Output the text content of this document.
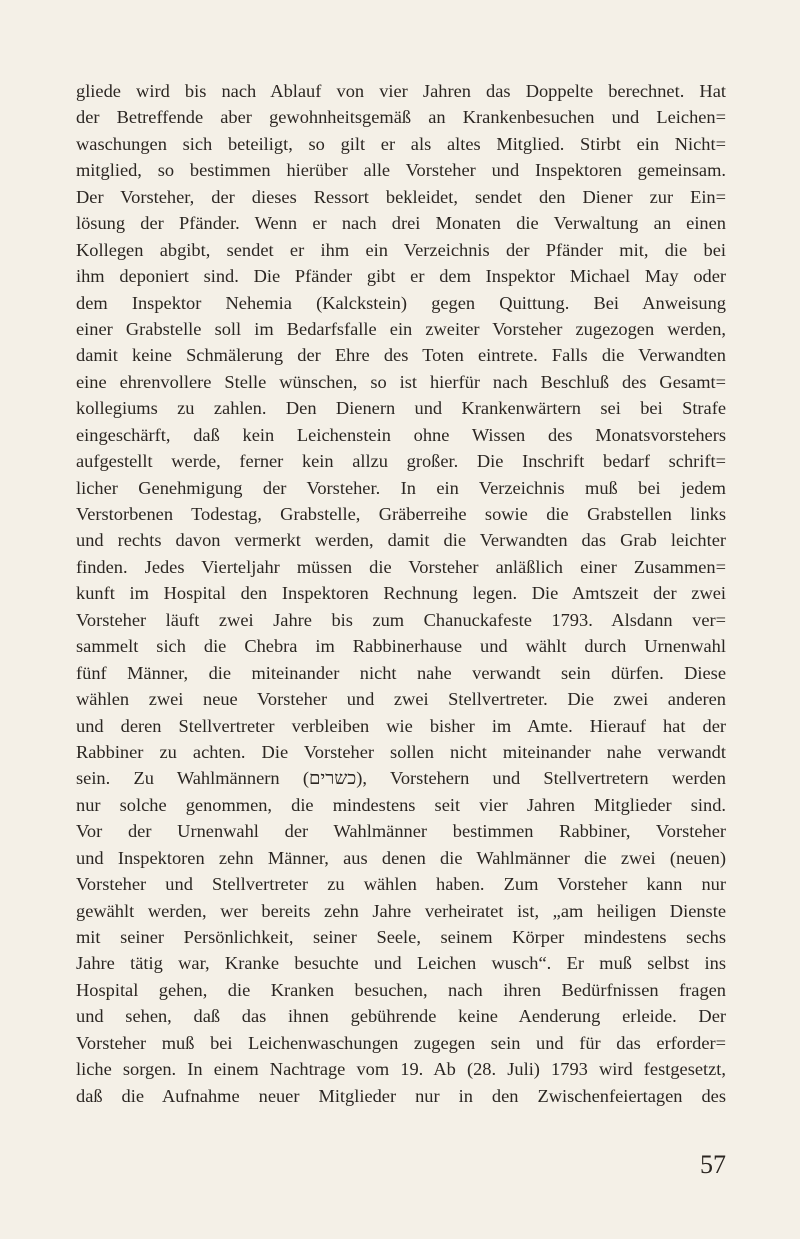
gliede wird bis nach Ablauf von vier Jahren das Doppelte berechnet. Hat
der Betreffende aber gewohnheitsgemäß an Krankenbesuchen und Leichen=
waschungen sich beteiligt, so gilt er als altes Mitglied. Stirbt ein Nicht=
mitglied, so bestimmen hierüber alle Vorsteher und Inspektoren gemeinsam.
Der Vorsteher, der dieses Ressort bekleidet, sendet den Diener zur Ein=
lösung der Pfänder. Wenn er nach drei Monaten die Verwaltung an einen
Kollegen abgibt, sendet er ihm ein Verzeichnis der Pfänder mit, die bei
ihm deponiert sind. Die Pfänder gibt er dem Inspektor Michael May oder
dem Inspektor Nehemia (Kalckstein) gegen Quittung. Bei Anweisung
einer Grabstelle soll im Bedarfsfalle ein zweiter Vorsteher zugezogen werden,
damit keine Schmälerung der Ehre des Toten eintrete. Falls die Verwandten
eine ehrenvollere Stelle wünschen, so ist hierfür nach Beschluß des Gesamt=
kollegiums zu zahlen. Den Dienern und Krankenwärtern sei bei Strafe
eingeschärft, daß kein Leichenstein ohne Wissen des Monatsvorstehers
aufgestellt werde, ferner kein allzu großer. Die Inschrift bedarf schrift=
licher Genehmigung der Vorsteher. In ein Verzeichnis muß bei jedem
Verstorbenen Todestag, Grabstelle, Gräberreihe sowie die Grabstellen links
und rechts davon vermerkt werden, damit die Verwandten das Grab leichter
finden. Jedes Vierteljahr müssen die Vorsteher anläßlich einer Zusammen=
kunft im Hospital den Inspektoren Rechnung legen. Die Amtszeit der zwei
Vorsteher läuft zwei Jahre bis zum Chanuckafeste 1793. Alsdann ver=
sammelt sich die Chebra im Rabbinerhause und wählt durch Urnenwahl
fünf Männer, die miteinander nicht nahe verwandt sein dürfen. Diese
wählen zwei neue Vorsteher und zwei Stellvertreter. Die zwei anderen
und deren Stellvertreter verbleiben wie bisher im Amte. Hierauf hat der
Rabbiner zu achten. Die Vorsteher sollen nicht miteinander nahe verwandt
sein. Zu Wahlmännern (כשרים), Vorstehern und Stellvertretern werden
nur solche genommen, die mindestens seit vier Jahren Mitglieder sind.
Vor der Urnenwahl der Wahlmänner bestimmen Rabbiner, Vorsteher
und Inspektoren zehn Männer, aus denen die Wahlmänner die zwei (neuen)
Vorsteher und Stellvertreter zu wählen haben. Zum Vorsteher kann nur
gewählt werden, wer bereits zehn Jahre verheiratet ist, „am heiligen Dienste
mit seiner Persönlichkeit, seiner Seele, seinem Körper mindestens sechs
Jahre tätig war, Kranke besuchte und Leichen wusch“. Er muß selbst ins
Hospital gehen, die Kranken besuchen, nach ihren Bedürfnissen fragen
und sehen, daß das ihnen gebührende keine Aenderung erleide. Der
Vorsteher muß bei Leichenwaschungen zugegen sein und für das erforder=
liche sorgen. In einem Nachtrage vom 19. Ab (28. Juli) 1793 wird festgesetzt,
daß die Aufnahme neuer Mitglieder nur in den Zwischenfeiertagen des
57
